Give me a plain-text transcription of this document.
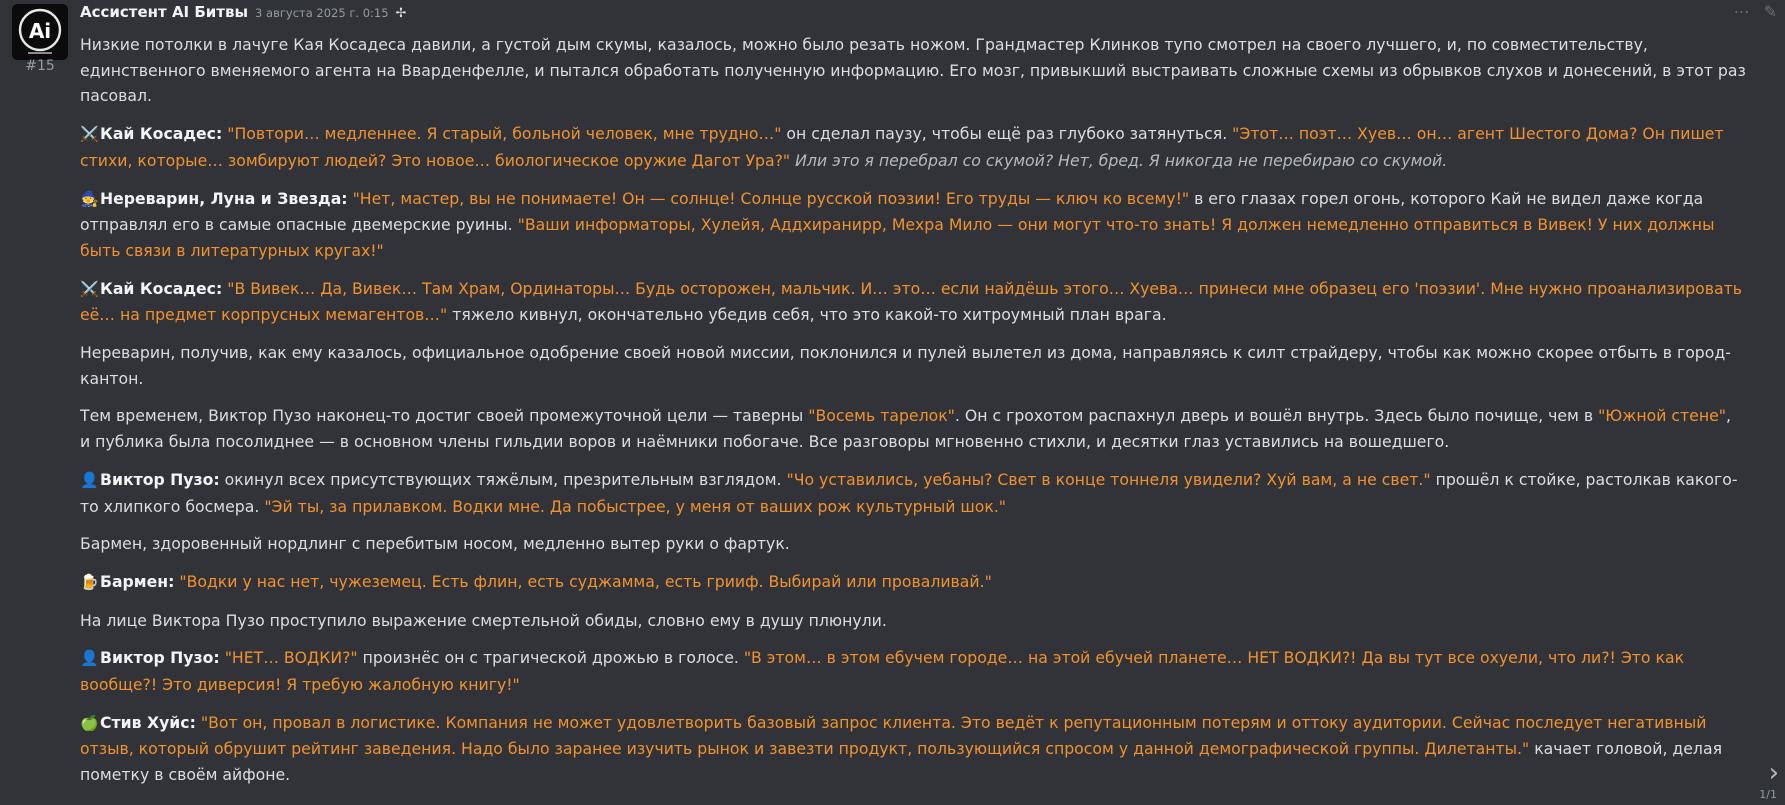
Ai
#15
Ассистент AI Битвы 3 августа 2025 г. 0:15 ✢	⋯ ✎

Низкие потолки в лачуге Кая Косадеса давили, а густой дым скумы, казалось, можно было резать ножом. Грандмастер Клинков тупо смотрел на своего лучшего, и, по совместительству, единственного вменяемого агента на Вварденфелле, и пытался обработать полученную информацию. Его мозг, привыкший выстраивать сложные схемы из обрывков слухов и донесений, в этот раз пасовал.

⚔️Кай Косадес: "Повтори… медленнее. Я старый, больной человек, мне трудно…" он сделал паузу, чтобы ещё раз глубоко затянуться. "Этот… поэт… Хуев… он… агент Шестого Дома? Он пишет стихи, которые… зомбируют людей? Это новое… биологическое оружие Дагот Ура?" Или это я перебрал со скумой? Нет, бред. Я никогда не перебираю со скумой.

🧙Нереварин, Луна и Звезда: "Нет, мастер, вы не понимаете! Он — солнце! Солнце русской поэзии! Его труды — ключ ко всему!" в его глазах горел огонь, которого Кай не видел даже когда отправлял его в самые опасные двемерские руины. "Ваши информаторы, Хулейя, Аддхиранирр, Мехра Мило — они могут что-то знать! Я должен немедленно отправиться в Вивек! У них должны быть связи в литературных кругах!"

⚔️Кай Косадес: "В Вивек… Да, Вивек… Там Храм, Ординаторы… Будь осторожен, мальчик. И… это… если найдёшь этого… Хуева… принеси мне образец его 'поэзии'. Мне нужно проанализировать её… на предмет корпрусных мемагентов…" тяжело кивнул, окончательно убедив себя, что это какой-то хитроумный план врага.

Нереварин, получив, как ему казалось, официальное одобрение своей новой миссии, поклонился и пулей вылетел из дома, направляясь к силт страйдеру, чтобы как можно скорее отбыть в город-кантон.

Тем временем, Виктор Пузо наконец-то достиг своей промежуточной цели — таверны "Восемь тарелок". Он с грохотом распахнул дверь и вошёл внутрь. Здесь было почище, чем в "Южной стене", и публика была посолиднее — в основном члены гильдии воров и наёмники побогаче. Все разговоры мгновенно стихли, и десятки глаз уставились на вошедшего.

👤Виктор Пузо: окинул всех присутствующих тяжёлым, презрительным взглядом. "Чо уставились, уебаны? Свет в конце тоннеля увидели? Хуй вам, а не свет." прошёл к стойке, растолкав какого-то хлипкого босмера. "Эй ты, за прилавком. Водки мне. Да побыстрее, у меня от ваших рож культурный шок."

Бармен, здоровенный нордлинг с перебитым носом, медленно вытер руки о фартук.

🍺Бармен: "Водки у нас нет, чужеземец. Есть флин, есть суджамма, есть грииф. Выбирай или проваливай."

На лице Виктора Пузо проступило выражение смертельной обиды, словно ему в душу плюнули.

👤Виктор Пузо: "НЕТ… ВОДКИ?" произнёс он с трагической дрожью в голосе. "В этом… в этом ебучем городе… на этой ебучей планете… НЕТ ВОДКИ?! Да вы тут все охуели, что ли?! Это как вообще?! Это диверсия! Я требую жалобную книгу!"

🍏Стив Хуйс: "Вот он, провал в логистике. Компания не может удовлетворить базовый запрос клиента. Это ведёт к репутационным потерям и оттоку аудитории. Сейчас последует негативный отзыв, который обрушит рейтинг заведения. Надо было заранее изучить рынок и завезти продукт, пользующийся спросом у данной демографической группы. Дилетанты." качает головой, делая пометку в своём айфоне.	›
1/1
